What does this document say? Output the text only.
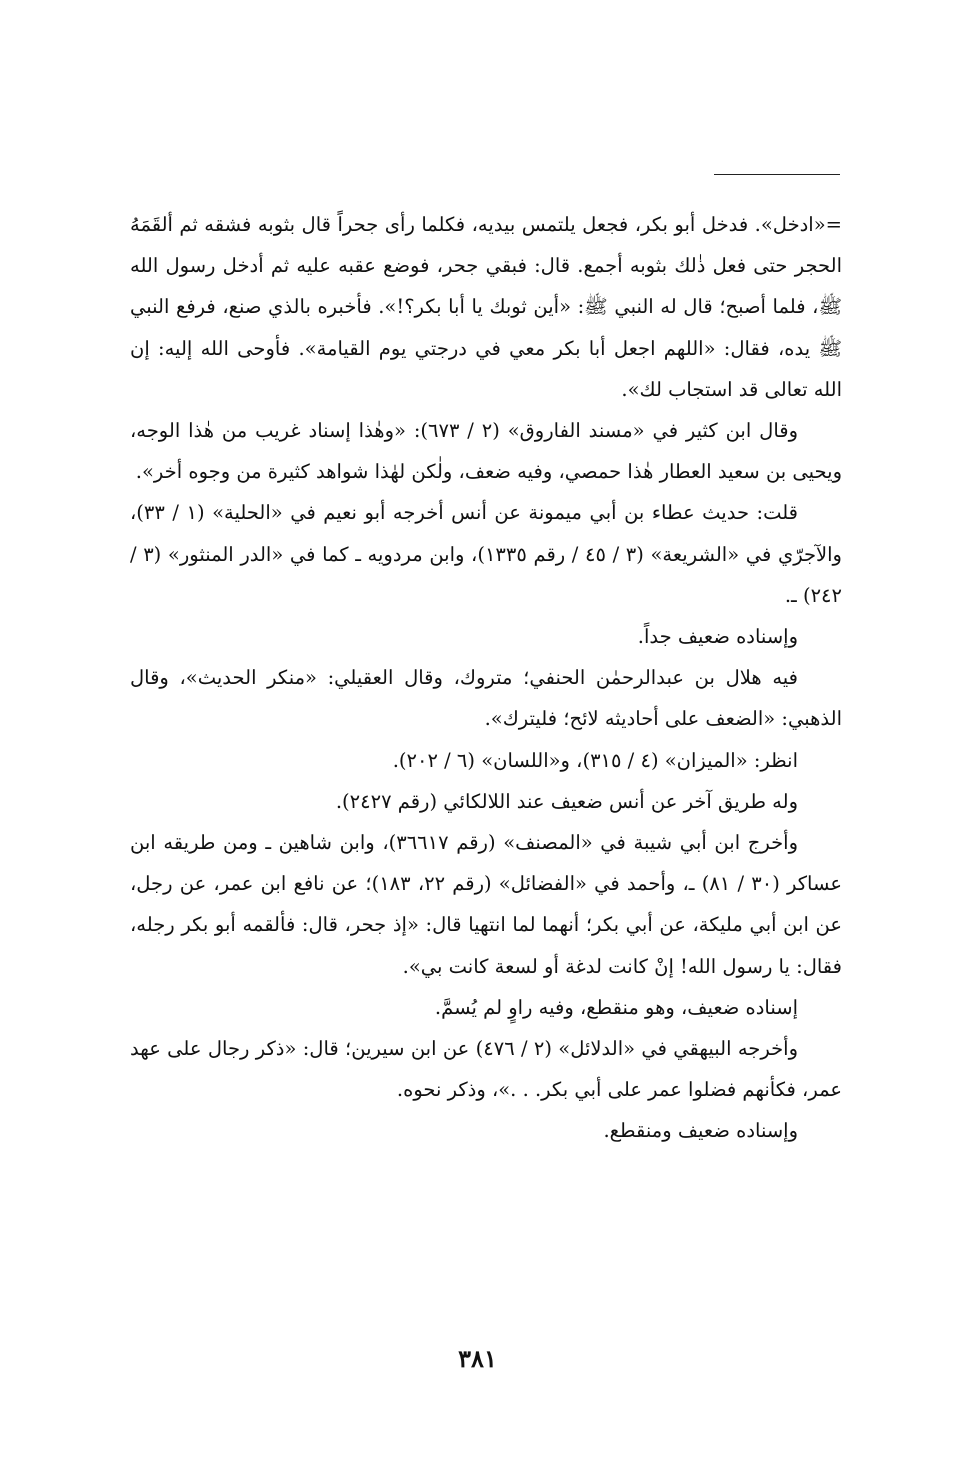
=«ادخل». فدخل أبو بكر، فجعل يلتمس بيديه، فكلما رأى جحراً قال بثوبه فشقه ثم ألقَمَهُ الحجر حتى فعل ذٰلك بثوبه أجمع. قال: فبقي جحر، فوضع عقبه عليه ثم أدخل رسول الله ﷺ، فلما أصبح؛ قال له النبي ﷺ: «أين ثوبك يا أبا بكر؟!». فأخبره بالذي صنع، فرفع النبي ﷺ يده، فقال: «اللهم اجعل أبا بكر معي في درجتي يوم القيامة». فأوحى الله إليه: إن الله تعالى قد استجاب لك».

وقال ابن كثير في «مسند الفاروق» (٢ / ٦٧٣): «وهٰذا إسناد غريب من هٰذا الوجه، ويحيى بن سعيد العطار هٰذا حمصي، وفيه ضعف، ولٰكن لهٰذا شواهد كثيرة من وجوه أخر».

قلت: حديث عطاء بن أبي ميمونة عن أنس أخرجه أبو نعيم في «الحلية» (١ / ٣٣)، والآجرّي في «الشريعة» (٣ / ٤٥ / رقم ١٣٣٥)، وابن مردويه ـ كما في «الدر المنثور» (٣ / ٢٤٢) ـ.

وإسناده ضعيف جداً.

فيه هلال بن عبدالرحمٰن الحنفي؛ متروك، وقال العقيلي: «منكر الحديث»، وقال الذهبي: «الضعف على أحاديثه لائح؛ فليترك».

انظر: «الميزان» (٤ / ٣١٥)، و«اللسان» (٦ / ٢٠٢).

وله طريق آخر عن أنس ضعيف عند اللالكائي (رقم ٢٤٢٧).

وأخرج ابن أبي شيبة في «المصنف» (رقم ٣٦٦١٧)، وابن شاهين ـ ومن طريقه ابن عساكر (٣٠ / ٨١) ـ، وأحمد في «الفضائل» (رقم ٢٢، ١٨٣)؛ عن نافع ابن عمر، عن رجل، عن ابن أبي مليكة، عن أبي بكر؛ أنهما لما انتهيا قال: «إذ جحر، قال: فألقمه أبو بكر رجله، فقال: يا رسول الله! إنْ كانت لدغة أو لسعة كانت بي».

إسناده ضعيف، وهو منقطع، وفيه راوٍ لم يُسمَّ.

وأخرجه البيهقي في «الدلائل» (٢ / ٤٧٦) عن ابن سيرين؛ قال: «ذكر رجال على عهد عمر، فكأنهم فضلوا عمر على أبي بكر. . .»، وذكر نحوه.

وإسناده ضعيف ومنقطع.

٣٨١
